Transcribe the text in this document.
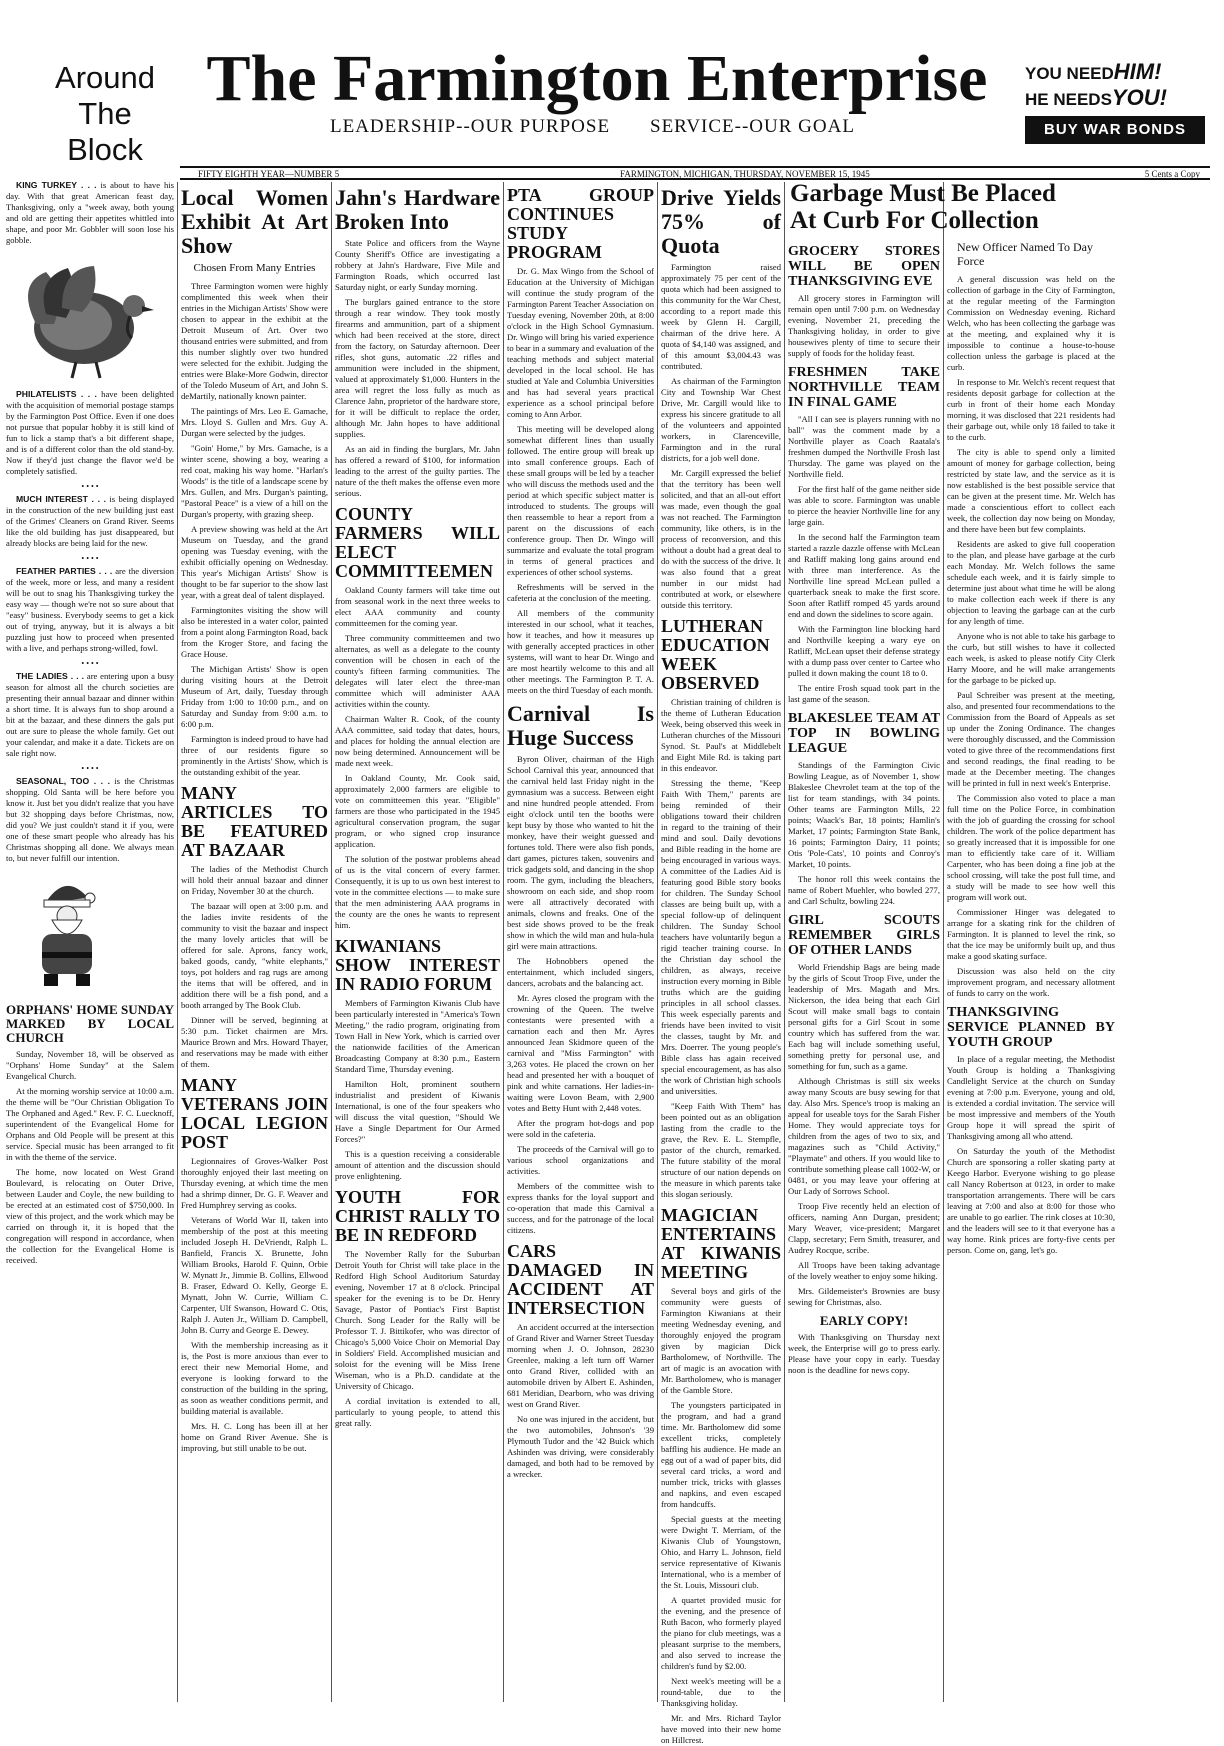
Around
The Block
The Farmington Enterprise
LEADERSHIP--OUR PURPOSE SERVICE--OUR GOAL
YOU NEEDHIM!
HE NEEDSYOU!
BUY WAR BONDS
FIFTY EIGHTH YEAR—NUMBER 5	FARMINGTON, MICHIGAN, THURSDAY, NOVEMBER 15, 1945	5 Cents a Copy

KING TURKEY . . . is about to have his day. With that great American feast day, Thanksgiving, only a "week away, both young and old are getting their appetites whittled into shape, and poor Mr. Gobbler will soon lose his gobble.

PHILATELISTS . . . have been delighted with the acquisition of memorial postage stamps by the Farmington Post Office. Even if one does not pursue that popular hobby it is still kind of fun to lick a stamp that's a bit different shape, and is of a different color than the old stand-by. Now if they'd just change the flavor we'd be completely satisfied.

• • • •

MUCH INTEREST . . . is being displayed in the construction of the new building just east of the Grimes' Cleaners on Grand River. Seems like the old building has just disappeared, but already blocks are being laid for the new.

• • • •

FEATHER PARTIES . . . are the diversion of the week, more or less, and many a resident will be out to snag his Thanksgiving turkey the easy way — though we're not so sure about that "easy" business. Everybody seems to get a kick out of trying, anyway, but it is always a bit puzzling just how to proceed when presented with a live, and perhaps strong-willed, fowl.

• • • •

THE LADIES . . . are entering upon a busy season for almost all the church societies are presenting their annual bazaar and dinner within a short time. It is always fun to shop around a bit at the bazaar, and these dinners the gals put out are sure to please the whole family. Get out your calendar, and make it a date. Tickets are on sale right now.

• • • •

SEASONAL, TOO . . . is the Christmas shopping. Old Santa will be here before you know it. Just bet you didn't realize that you have but 32 shopping days before Christmas, now, did you? We just couldn't stand it if you, were one of these smart people who already has his Christmas shopping all done. We always mean to, but never fulfill our intention.

ORPHANS' HOME SUNDAY MARKED BY LOCAL CHURCH

Sunday, November 18, will be observed as "Orphans' Home Sunday" at the Salem Evangelical Church.

At the morning worship service at 10:00 a.m. the theme will be "Our Christian Obligation To The Orphaned and Aged." Rev. F. C. Luecknoff, superintendent of the Evangelical Home for Orphans and Old People will be present at this service. Special music has been arranged to fit in with the theme of the service.

The home, now located on West Grand Boulevard, is relocating on Outer Drive, between Lauder and Coyle, the new building to be erected at an estimated cost of $750,000. In view of this project, and the work which may be carried on through it, it is hoped that the congregation will respond in accordance, when the collection for the Evangelical Home is received.

Local Women Exhibit At Art Show
Chosen From Many Entries

Three Farmington women were highly complimented this week when their entries in the Michigan Artists' Show were chosen to appear in the exhibit at the Detroit Museum of Art. Over two thousand entries were submitted, and from this number slightly over two hundred were selected for the exhibit. Judging the entries were Blake-More Godwin, director of the Toledo Museum of Art, and John S. deMartily, nationally known painter.

The paintings of Mrs. Leo E. Gamache, Mrs. Lloyd S. Gullen and Mrs. Guy A. Durgan were selected by the judges.

"Goin' Home," by Mrs. Gamache, is a winter scene, showing a boy, wearing a red coat, making his way home. "Harlan's Woods" is the title of a landscape scene by Mrs. Gullen, and Mrs. Durgan's painting, "Pastoral Peace" is a view of a hill on the Durgan's property, with grazing sheep.

A preview showing was held at the Art Museum on Tuesday, and the grand opening was Tuesday evening, with the exhibit officially opening on Wednesday. This year's Michigan Artists' Show is thought to be far superior to the show last year, with a great deal of talent displayed.

Farmingtonites visiting the show will also be interested in a water color, painted from a point along Farmington Road, back from the Kroger Store, and facing the Grace House.

The Michigan Artists' Show is open during visiting hours at the Detroit Museum of Art, daily, Tuesday through Friday from 1:00 to 10:00 p.m., and on Saturday and Sunday from 9:00 a.m. to 6:00 p.m.

Farmington is indeed proud to have had three of our residents figure so prominently in the Artists' Show, which is the outstanding exhibit of the year.

MANY ARTICLES TO BE FEATURED AT BAZAAR

The ladies of the Methodist Church will hold their annual bazaar and dinner on Friday, November 30 at the church.

The bazaar will open at 3:00 p.m. and the ladies invite residents of the community to visit the bazaar and inspect the many lovely articles that will be offered for sale. Aprons, fancy work, baked goods, candy, "white elephants," toys, pot holders and rag rugs are among the items that will be offered, and in addition there will be a fish pond, and a booth arranged by The Book Club.

Dinner will be served, beginning at 5:30 p.m. Ticket chairmen are Mrs. Maurice Brown and Mrs. Howard Thayer, and reservations may be made with either of them.

MANY VETERANS JOIN LOCAL LEGION POST

Legionnaires of Groves-Walker Post thoroughly enjoyed their last meeting on Thursday evening, at which time the men had a shrimp dinner, Dr. G. F. Weaver and Fred Humphrey serving as cooks.

Veterans of World War II, taken into membership of the post at this meeting included Joseph H. DeVriendt, Ralph L. Banfield, Francis X. Brunette, John William Brooks, Harold F. Quinn, Orbie W. Mynatt Jr., Jimmie B. Collins, Ellwood B. Fraser, Edward O. Kelly, George E. Mynatt, John W. Currie, William C. Carpenter, Ulf Swanson, Howard C. Otis, Ralph J. Auten Jr., William D. Campbell, John B. Curry and George E. Dewey.

With the membership increasing as it is, the Post is more anxious than ever to erect their new Memorial Home, and everyone is looking forward to the construction of the building in the spring, as soon as weather conditions permit, and building material is available.

Mrs. H. C. Long has been ill at her home on Grand River Avenue. She is improving, but still unable to be out.

Jahn's Hardware Broken Into

State Police and officers from the Wayne County Sheriff's Office are investigating a robbery at Jahn's Hardware, Five Mile and Farmington Roads, which occurred last Saturday night, or early Sunday morning.

The burglars gained entrance to the store through a rear window. They took mostly firearms and ammunition, part of a shipment which had been received at the store, direct from the factory, on Saturday afternoon. Deer rifles, shot guns, automatic .22 rifles and ammunition were included in the shipment, valued at approximately $1,000. Hunters in the area will regret the loss fully as much as Clarence Jahn, proprietor of the hardware store, for it will be difficult to replace the order, although Mr. Jahn hopes to have additional supplies.

As an aid in finding the burglars, Mr. Jahn has offered a reward of $100, for information leading to the arrest of the guilty parties. The nature of the theft makes the offense even more serious.

COUNTY FARMERS WILL ELECT COMMITTEEMEN

Oakland County farmers will take time out from seasonal work in the next three weeks to elect AAA community and county committeemen for the coming year.

Three community committeemen and two alternates, as well as a delegate to the county convention will be chosen in each of the county's fifteen farming communities. The delegates will later elect the three-man committee which will administer AAA activities within the county.

Chairman Walter R. Cook, of the county AAA committee, said today that dates, hours, and places for holding the annual election are now being determined. Announcement will be made next week.

In Oakland County, Mr. Cook said, approximately 2,000 farmers are eligible to vote on committeemen this year. "Eligible" farmers are those who participated in the 1945 agricultural conservation program, the sugar program, or who signed crop insurance application.

The solution of the postwar problems ahead of us is the vital concern of every farmer. Consequently, it is up to us own best interest to vote in the committee elections — to make sure that the men administering AAA programs in the county are the ones he wants to represent him.

KIWANIANS SHOW INTEREST IN RADIO FORUM

Members of Farmington Kiwanis Club have been particularly interested in "America's Town Meeting," the radio program, originating from Town Hall in New York, which is carried over the nationwide facilities of the American Broadcasting Company at 8:30 p.m., Eastern Standard Time, Thursday evening.

Hamilton Holt, prominent southern industrialist and president of Kiwanis International, is one of the four speakers who will discuss the vital question, "Should We Have a Single Department for Our Armed Forces?"

This is a question receiving a considerable amount of attention and the discussion should prove enlightening.

YOUTH FOR CHRIST RALLY TO BE IN REDFORD

The November Rally for the Suburban Detroit Youth for Christ will take place in the Redford High School Auditorium Saturday evening, November 17 at 8 o'clock. Principal speaker for the evening is to be Dr. Henry Savage, Pastor of Pontiac's First Baptist Church. Song Leader for the Rally will be Professor T. J. Bittikofer, who was director of Chicago's 5,000 Voice Choir on Memorial Day in Soldiers' Field. Accomplished musician and soloist for the evening will be Miss Irene Wiseman, who is a Ph.D. candidate at the University of Chicago.

A cordial invitation is extended to all, particularly to young people, to attend this great rally.

PTA GROUP CONTINUES STUDY PROGRAM

Dr. G. Max Wingo from the School of Education at the University of Michigan will continue the study program of the Farmington Parent Teacher Association on Tuesday evening, November 20th, at 8:00 o'clock in the High School Gymnasium. Dr. Wingo will bring his varied experience to bear in a summary and evaluation of the teaching methods and subject material developed in the local school. He has studied at Yale and Columbia Universities and has had several years practical experience as a school principal before coming to Ann Arbor.

This meeting will be developed along somewhat different lines than usually followed. The entire group will break up into small conference groups. Each of these small groups will be led by a teacher who will discuss the methods used and the period at which specific subject matter is introduced to students. The groups will then reassemble to hear a report from a parent on the discussions of each conference group. Then Dr. Wingo will summarize and evaluate the total program in terms of general practices and experiences of other school systems.

Refreshments will be served in the cafeteria at the conclusion of the meeting.

All members of the community interested in our school, what it teaches, how it teaches, and how it measures up with generally accepted practices in other systems, will want to hear Dr. Wingo and are most heartily welcome to this and all other meetings. The Farmington P. T. A. meets on the third Tuesday of each month.

Carnival Is Huge Success

Byron Oliver, chairman of the High School Carnival this year, announced that the carnival held last Friday night in the gymnasium was a success. Between eight and nine hundred people attended. From eight o'clock until ten the booths were kept busy by those who wanted to hit the monkey, have their weight guessed and fortunes told. There were also fish ponds, dart games, pictures taken, souvenirs and trick gadgets sold, and dancing in the shop room. The gym, including the bleachers, showroom on each side, and shop room were all attractively decorated with animals, clowns and freaks. One of the best side shows proved to be the freak show in which the wild man and hula-hula girl were main attractions.

The Hobnobbers opened the entertainment, which included singers, dancers, acrobats and the balancing act.

Mr. Ayres closed the program with the crowning of the Queen. The twelve contestants were presented with a carnation each and then Mr. Ayres announced Jean Skidmore queen of the carnival and "Miss Farmington" with 3,263 votes. He placed the crown on her head and presented her with a bouquet of pink and white carnations. Her ladies-in-waiting were Lovon Beam, with 2,900 votes and Betty Hunt with 2,448 votes.

After the program hot-dogs and pop were sold in the cafeteria.

The proceeds of the Carnival will go to various school organizations and activities.

Members of the committee wish to express thanks for the loyal support and co-operation that made this Carnival a success, and for the patronage of the local citizens.

CARS DAMAGED IN ACCIDENT AT INTERSECTION

An accident occurred at the intersection of Grand River and Warner Street Tuesday morning when J. O. Johnson, 28230 Greenlee, making a left turn off Warner onto Grand River, collided with an automobile driven by Albert E. Ashinden, 681 Meridian, Dearborn, who was driving west on Grand River.

No one was injured in the accident, but the two automobiles, Johnson's '39 Plymouth Tudor and the '42 Buick which Ashinden was driving, were considerably damaged, and both had to be removed by a wrecker.

Drive Yields 75% of Quota

Farmington raised approximately 75 per cent of the quota which had been assigned to this community for the War Chest, according to a report made this week by Glenn H. Cargill, chairman of the drive here. A quota of $4,140 was assigned, and of this amount $3,004.43 was contributed.

As chairman of the Farmington City and Township War Chest Drive, Mr. Cargill would like to express his sincere gratitude to all of the volunteers and appointed workers, in Clarenceville, Farmington and in the rural districts, for a job well done.

Mr. Cargill expressed the belief that the territory has been well solicited, and that an all-out effort was made, even though the goal was not reached. The Farmington community, like others, is in the process of reconversion, and this without a doubt had a great deal to do with the success of the drive. It was also found that a great number in our midst had contributed at work, or elsewhere outside this territory.

LUTHERAN EDUCATION WEEK OBSERVED

Christian training of children is the theme of Lutheran Education Week, being observed this week in Lutheran churches of the Missouri Synod. St. Paul's at Middlebelt and Eight Mile Rd. is taking part in this endeavor.

Stressing the theme, "Keep Faith With Them," parents are being reminded of their obligations toward their children in regard to the training of their mind and soul. Daily devotions and Bible reading in the home are being encouraged in various ways. A committee of the Ladies Aid is featuring good Bible story books for children. The Sunday School classes are being built up, with a special follow-up of delinquent children. The Sunday School teachers have voluntarily begun a rigid teacher training course. In the Christian day school the children, as always, receive instruction every morning in Bible truths which are the guiding principles in all school classes. This week especially parents and friends have been invited to visit the classes, taught by Mr. and Mrs. Doerrer. The young people's Bible class has again received special encouragement, as has also the work of Christian high schools and universities.

"Keep Faith With Them" has been pointed out as an obligation lasting from the cradle to the grave, the Rev. E. L. Stempfle, pastor of the church, remarked. The future stability of the moral structure of our nation depends on the measure in which parents take this slogan seriously.

MAGICIAN ENTERTAINS AT KIWANIS MEETING

Several boys and girls of the community were guests of Farmington Kiwanians at their meeting Wednesday evening, and thoroughly enjoyed the program given by magician Dick Bartholomew, of Northville. The art of magic is an avocation with Mr. Bartholomew, who is manager of the Gamble Store.

The youngsters participated in the program, and had a grand time. Mr. Bartholomew did some excellent tricks, completely baffling his audience. He made an egg out of a wad of paper bits, did several card tricks, a word and number trick, tricks with glasses and napkins, and even escaped from handcuffs.

Special guests at the meeting were Dwight T. Merriam, of the Kiwanis Club of Youngstown, Ohio, and Harry L. Johnson, field service representative of Kiwanis International, who is a member of the St. Louis, Missouri club.

A quartet provided music for the evening, and the presence of Ruth Bacon, who formerly played the piano for club meetings, was a pleasant surprise to the members, and also served to increase the children's fund by $2.00.

Next week's meeting will be a round-table, due to the Thanksgiving holiday.

Mr. and Mrs. Richard Taylor have moved into their new home on Hillcrest.

Garbage Must Be Placed
At Curb For Collection
GROCERY STORES WILL BE OPEN THANKSGIVING EVE

All grocery stores in Farmington will remain open until 7:00 p.m. on Wednesday evening, November 21, preceding the Thanksgiving holiday, in order to give housewives plenty of time to secure their supply of foods for the holiday feast.

FRESHMEN TAKE NORTHVILLE TEAM IN FINAL GAME

"All I can see is players running with no ball" was the comment made by a Northville player as Coach Raatala's freshmen dumped the Northville Frosh last Thursday. The game was played on the Northville field.

For the first half of the game neither side was able to score. Farmington was unable to pierce the heavier Northville line for any large gain.

In the second half the Farmington team started a razzle dazzle offense with McLean and Ratliff making long gains around end with three man interference. As the Northville line spread McLean pulled a quarterback sneak to make the first score. Soon after Ratliff romped 45 yards around end and down the sidelines to score again.

With the Farmington line blocking hard and Northville keeping a wary eye on Ratliff, McLean upset their defense strategy with a dump pass over center to Cartee who pulled it down making the count 18 to 0.

The entire Frosh squad took part in the last game of the season.

BLAKESLEE TEAM AT TOP IN BOWLING LEAGUE

Standings of the Farmington Civic Bowling League, as of November 1, show Blakeslee Chevrolet team at the top of the list for team standings, with 34 points. Other teams are Farmington Mills, 22 points; Waack's Bar, 18 points; Hamlin's Market, 17 points; Farmington State Bank, 16 points; Farmington Dairy, 11 points; Otis 'Pole-Cats', 10 points and Conroy's Market, 10 points.

The honor roll this week contains the name of Robert Muehler, who bowled 277, and Carl Schultz, bowling 224.

GIRL SCOUTS REMEMBER GIRLS OF OTHER LANDS

World Friendship Bags are being made by the girls of Scout Troop Five, under the leadership of Mrs. Magath and Mrs. Nickerson, the idea being that each Girl Scout will make small bags to contain personal gifts for a Girl Scout in some country which has suffered from the war. Each bag will include something useful, something pretty for personal use, and something for fun, such as a game.

Although Christmas is still six weeks away many Scouts are busy sewing for that day. Also Mrs. Spence's troop is making an appeal for useable toys for the Sarah Fisher Home. They would appreciate toys for children from the ages of two to six, and magazines such as "Child Activity," "Playmate" and others. If you would like to contribute something please call 1002-W, or 0481, or you may leave your offering at Our Lady of Sorrows School.

Troop Five recently held an election of officers, naming Ann Durgan, president; Mary Weaver, vice-president; Margaret Clapp, secretary; Fern Smith, treasurer, and Audrey Rocque, scribe.

All Troops have been taking advantage of the lovely weather to enjoy some hiking.

Mrs. Gildemeister's Brownies are busy sewing for Christmas, also.

EARLY COPY!

With Thanksgiving on Thursday next week, the Enterprise will go to press early. Please have your copy in early. Tuesday noon is the deadline for news copy.

New Officer Named To Day Force

A general discussion was held on the collection of garbage in the City of Farmington, at the regular meeting of the Farmington Commission on Wednesday evening. Richard Welch, who has been collecting the garbage was at the meeting, and explained why it is impossible to continue a house-to-house collection unless the garbage is placed at the curb.

In response to Mr. Welch's recent request that residents deposit garbage for collection at the curb in front of their home each Monday morning, it was disclosed that 221 residents had their garbage out, while only 18 failed to take it to the curb.

The city is able to spend only a limited amount of money for garbage collection, being restricted by state law, and the service as it is now established is the best possible service that can be given at the present time. Mr. Welch has made a conscientious effort to collect each week, the collection day now being on Monday, and there have been but few complaints.

Residents are asked to give full cooperation to the plan, and please have garbage at the curb each Monday. Mr. Welch follows the same schedule each week, and it is fairly simple to determine just about what time he will be along to make collection each week if there is any objection to leaving the garbage can at the curb for any length of time.

Anyone who is not able to take his garbage to the curb, but still wishes to have it collected each week, is asked to please notify City Clerk Harry Moore, and he will make arrangements for the garbage to be picked up.

Paul Schreiber was present at the meeting, also, and presented four recommendations to the Commission from the Board of Appeals as set up under the Zoning Ordinance. The changes were thoroughly discussed, and the Commission voted to give three of the recommendations first and second readings, the final reading to be made at the December meeting. The changes will be printed in full in next week's Enterprise.

The Commission also voted to place a man full time on the Police Force, in combination with the job of guarding the crossing for school children. The work of the police department has so greatly increased that it is impossible for one man to efficiently take care of it. William Carpenter, who has been doing a fine job at the school crossing, will take the post full time, and a study will be made to see how well this program will work out.

Commissioner Hinger was delegated to arrange for a skating rink for the children of Farmington. It is planned to level the rink, so that the ice may be uniformly built up, and thus make a good skating surface.

Discussion was also held on the city improvement program, and necessary allotment of funds to carry on the work.

THANKSGIVING SERVICE PLANNED BY YOUTH GROUP

In place of a regular meeting, the Methodist Youth Group is holding a Thanksgiving Candlelight Service at the church on Sunday evening at 7:00 p.m. Everyone, young and old, is extended a cordial invitation. The service will be most impressive and members of the Youth Group hope it will spread the spirit of Thanksgiving among all who attend.

On Saturday the youth of the Methodist Church are sponsoring a roller skating party at Keego Harbor. Everyone wishing to go please call Nancy Robertson at 0123, in order to make transportation arrangements. There will be cars leaving at 7:00 and also at 8:00 for those who are unable to go earlier. The rink closes at 10:30, and the leaders will see to it that everyone has a way home. Rink prices are forty-five cents per person. Come on, gang, let's go.
